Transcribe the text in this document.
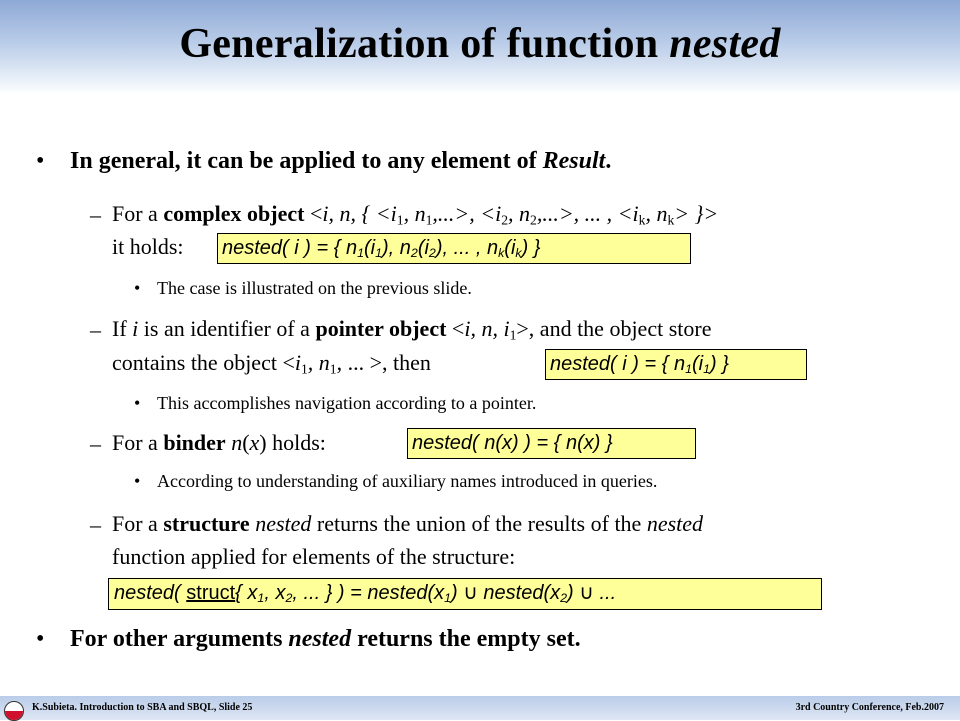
Generalization of function nested
• In general, it can be applied to any element of Result.
– For a complex object <i, n, { $<i_1$, $n_1,...>$, $<i_2$, $n_2,...>$, ... , $<i_k$, $n_k>$ }>
it holds: nested( i ) = { $n_1(i_1)$, $n_2(i_2)$, ... , $n_k(i_k)$ }
• The case is illustrated on the previous slide.
– If i is an identifier of a pointer object <i, n, $i_1>$, and the object store
contains the object $<i_1$, $n_1$, ... >, then	nested( i ) = { $n_1(i_1)$ }
• This accomplishes navigation according to a pointer.
– For a binder n(x) holds:	nested( n(x) ) = { n(x) }
• According to understanding of auxiliary names introduced in queries.
– For a structure nested returns the union of the results of the nested
function applied for elements of the structure:
nested( struct{ $x_1$, $x_2$, ... } ) = $nested(x_1)$ ∪ $nested(x_2)$ ∪ ...
• For other arguments nested returns the empty set.
K.Subieta. Introduction to SBA and SBQL, Slide 25	3rd Country Conference, Feb.2007
